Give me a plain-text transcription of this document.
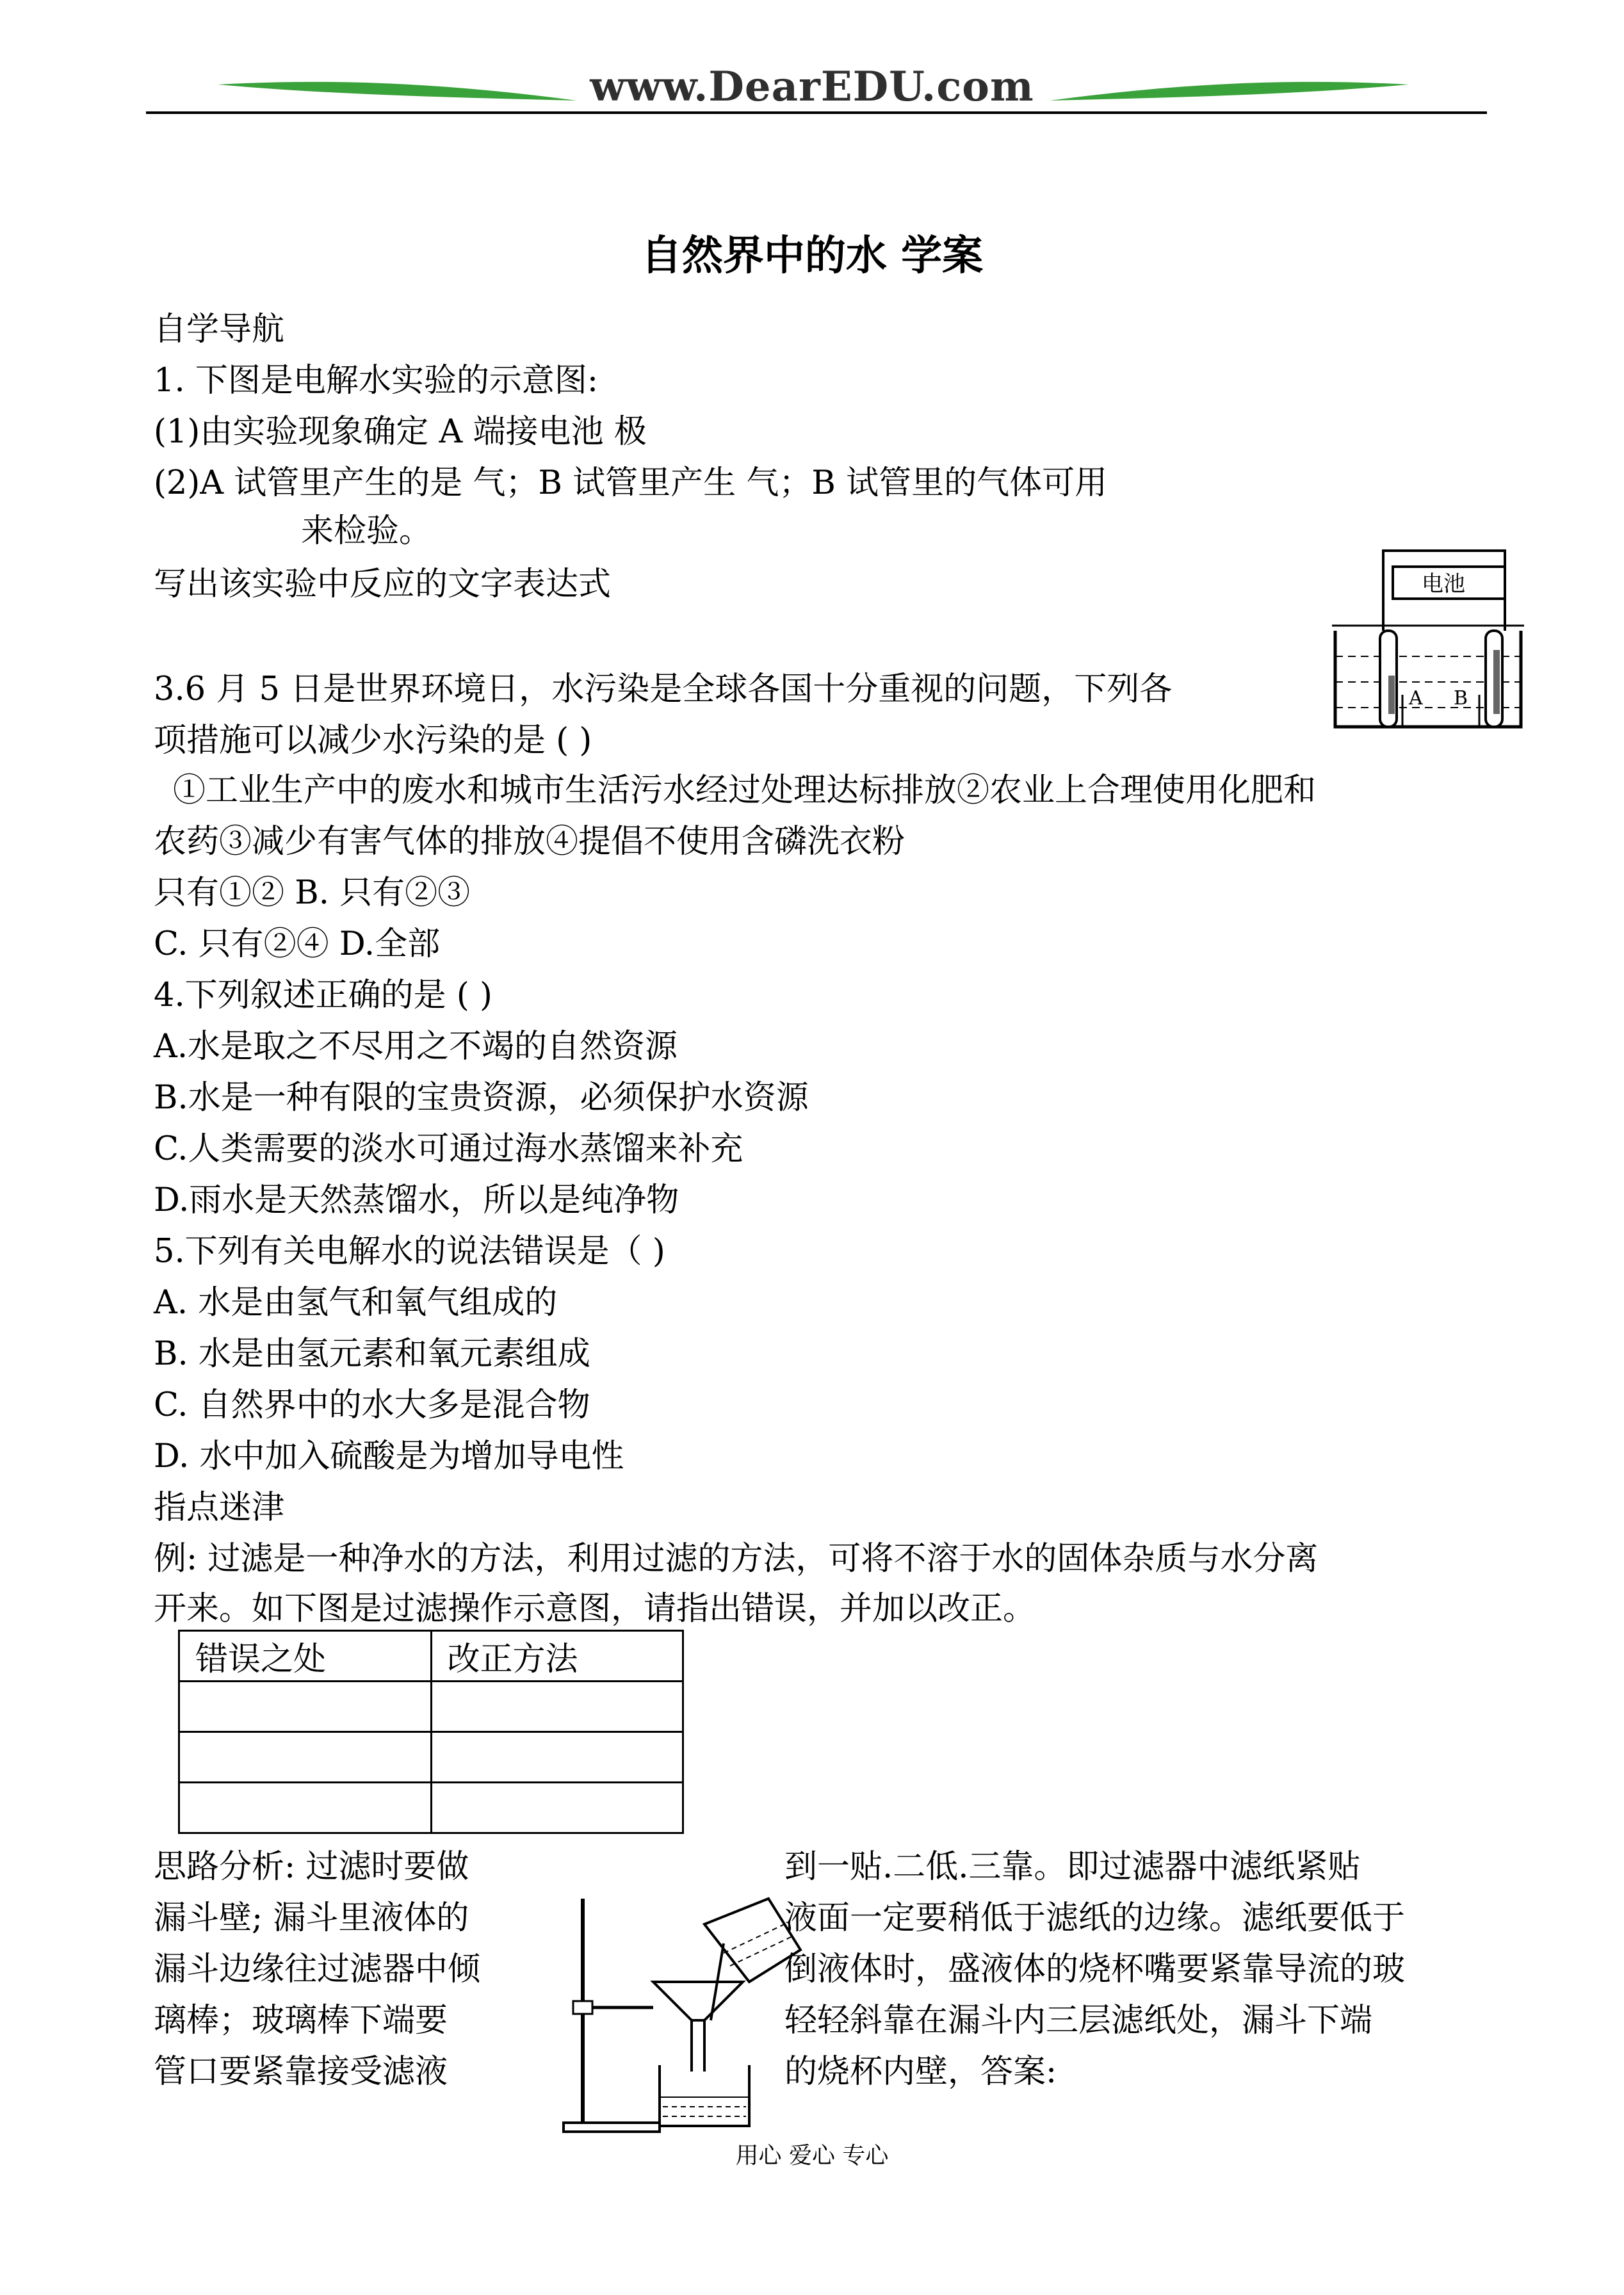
www.DearEDU.com
自然界中的水 学案
自学导航
1. 下图是电解水实验的示意图:
(1)由实验现象确定 A 端接电池 极
(2)A 试管里产生的是 气；B 试管里产生 气；B 试管里的气体可用
来检验。
写出该实验中反应的文字表达式	电池
A B
3.6 月 5 日是世界环境日，水污染是全球各国十分重视的问题，下列各
项措施可以减少水污染的是 ( )
①工业生产中的废水和城市生活污水经过处理达标排放②农业上合理使用化肥和
农药③减少有害气体的排放④提倡不使用含磷洗衣粉
只有①② B. 只有②③
C. 只有②④ D.全部
4.下列叙述正确的是 ( )
A.水是取之不尽用之不竭的自然资源
B.水是一种有限的宝贵资源，必须保护水资源
C.人类需要的淡水可通过海水蒸馏来补充
D.雨水是天然蒸馏水，所以是纯净物
5.下列有关电解水的说法错误是（ )
A. 水是由氢气和氧气组成的
B. 水是由氢元素和氧元素组成
C. 自然界中的水大多是混合物
D. 水中加入硫酸是为增加导电性
指点迷津
例: 过滤是一种净水的方法，利用过滤的方法，可将不溶于水的固体杂质与水分离
开来。如下图是过滤操作示意图，请指出错误，并加以改正。
错误之处	改正方法

思路分析: 过滤时要做
漏斗壁; 漏斗里液体的
漏斗边缘往过滤器中倾
璃棒；玻璃棒下端要
管口要紧靠接受滤液
到一贴.二低.三靠。即过滤器中滤纸紧贴
液面一定要稍低于滤纸的边缘。滤纸要低于
倒液体时，盛液体的烧杯嘴要紧靠导流的玻
轻轻斜靠在漏斗内三层滤纸处，漏斗下端
的烧杯内壁，答案:
用心 爱心 专心
